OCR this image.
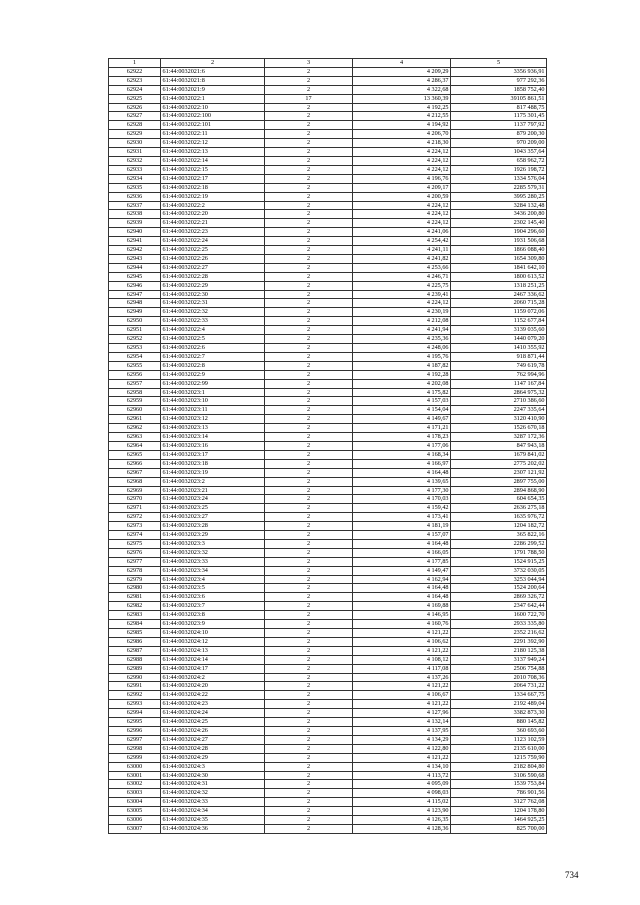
1	2	3	4	5
62922	61:44:0032021:6	2	4 209,29	3356 936,91
62923	61:44:0032021:8	2	4 286,37	977 292,36
62924	61:44:0032021:9	2	4 322,68	1858 752,40
62925	61:44:0032022:1	17	13 360,39	39105 861,51
62926	61:44:0032022:10	2	4 192,25	817 488,75
62927	61:44:0032022:100	2	4 212,55	1175 301,45
62928	61:44:0032022:101	2	4 194,92	1137 797,92
62929	61:44:0032022:11	2	4 206,70	879 200,30
62930	61:44:0032022:12	2	4 218,30	970 209,00
62931	61:44:0032022:13	2	4 224,12	1043 357,64
62932	61:44:0032022:14	2	4 224,12	658 962,72
62933	61:44:0032022:15	2	4 224,12	1926 198,72
62934	61:44:0032022:17	2	4 196,76	1334 576,04
62935	61:44:0032022:18	2	4 209,17	2285 579,31
62936	61:44:0032022:19	2	4 200,59	3995 280,25
62937	61:44:0032022:2	2	4 224,12	3284 132,48
62938	61:44:0032022:20	2	4 224,12	3436 200,80
62939	61:44:0032022:21	2	4 224,12	2302 145,40
62940	61:44:0032022:23	2	4 241,06	1904 296,60
62941	61:44:0032022:24	2	4 254,42	1931 506,68
62942	61:44:0032022:25	2	4 241,11	1866 088,40
62943	61:44:0032022:26	2	4 241,82	1654 309,80
62944	61:44:0032022:27	2	4 253,66	1841 642,10
62945	61:44:0032022:28	2	4 246,71	1800 613,52
62946	61:44:0032022:29	2	4 225,75	1318 251,25
62947	61:44:0032022:30	2	4 239,41	2467 336,62
62948	61:44:0032022:31	2	4 224,12	2060 715,28
62949	61:44:0032022:32	2	4 230,19	1159 072,06
62950	61:44:0032022:33	2	4 212,08	1152 677,84
62951	61:44:0032022:4	2	4 241,94	3139 035,60
62952	61:44:0032022:5	2	4 235,36	1440 079,20
62953	61:44:0032022:6	2	4 248,06	1410 355,92
62954	61:44:0032022:7	2	4 195,76	918 871,44
62955	61:44:0032022:8	2	4 187,82	749 619,78
62956	61:44:0032022:9	2	4 192,28	762 994,96
62957	61:44:0032022:99	2	4 202,08	1147 167,84
62958	61:44:0032023:1	2	4 175,82	2864 975,32
62959	61:44:0032023:10	2	4 157,03	2710 386,60
62960	61:44:0032023:11	2	4 154,04	2247 335,64
62961	61:44:0032023:12	2	4 149,67	3120 410,90
62962	61:44:0032023:13	2	4 171,21	1526 670,18
62963	61:44:0032023:14	2	4 178,23	3287 172,36
62964	61:44:0032023:16	2	4 177,06	847 943,18
62965	61:44:0032023:17	2	4 168,34	1679 841,02
62966	61:44:0032023:18	2	4 166,97	2775 202,02
62967	61:44:0032023:19	2	4 164,48	2307 121,92
62968	61:44:0032023:2	2	4 139,65	2897 755,00
62969	61:44:0032023:21	2	4 177,30	2894 868,90
62970	61:44:0032023:24	2	4 170,03	604 654,35
62971	61:44:0032023:25	2	4 159,42	2636 275,18
62972	61:44:0032023:27	2	4 173,41	1635 976,72
62973	61:44:0032023:28	2	4 181,19	1204 182,72
62974	61:44:0032023:29	2	4 157,07	365 822,16
62975	61:44:0032023:3	2	4 164,48	2286 299,52
62976	61:44:0032023:32	2	4 166,05	1791 788,50
62977	61:44:0032023:33	2	4 177,85	1524 915,25
62978	61:44:0032023:34	2	4 149,47	3732 030,05
62979	61:44:0032023:4	2	4 162,94	3253 044,94
62980	61:44:0032023:5	2	4 164,48	1524 200,64
62981	61:44:0032023:6	2	4 164,48	2869 326,72
62982	61:44:0032023:7	2	4 169,88	2347 642,44
62983	61:44:0032023:8	2	4 146,95	1600 722,70
62984	61:44:0032023:9	2	4 160,76	2933 335,80
62985	61:44:0032024:10	2	4 121,22	2352 216,62
62986	61:44:0032024:12	2	4 106,62	2291 392,90
62987	61:44:0032024:13	2	4 121,22	2180 125,38
62988	61:44:0032024:14	2	4 108,12	3137 949,24
62989	61:44:0032024:17	2	4 117,08	2506 754,88
62990	61:44:0032024:2	2	4 137,26	2010 708,36
62991	61:44:0032024:20	2	4 121,22	2064 731,22
62992	61:44:0032024:22	2	4 106,67	1334 667,75
62993	61:44:0032024:23	2	4 121,22	2192 489,04
62994	61:44:0032024:24	2	4 127,96	3382 873,30
62995	61:44:0032024:25	2	4 132,14	880 145,82
62996	61:44:0032024:26	2	4 137,95	360 693,60
62997	61:44:0032024:27	2	4 134,29	1123 102,59
62998	61:44:0032024:28	2	4 122,80	2135 610,00
62999	61:44:0032024:29	2	4 121,22	1215 759,90
63000	61:44:0032024:3	2	4 134,10	2182 804,80
63001	61:44:0032024:30	2	4 113,72	3106 590,68
63002	61:44:0032024:31	2	4 095,09	1539 753,84
63003	61:44:0032024:32	2	4 098,03	786 901,56
63004	61:44:0032024:33	2	4 115,02	3127 762,08
63005	61:44:0032024:34	2	4 123,90	1204 178,80
63006	61:44:0032024:35	2	4 126,35	1464 925,25
63007	61:44:0032024:36	2	4 128,36	825 700,00
734
